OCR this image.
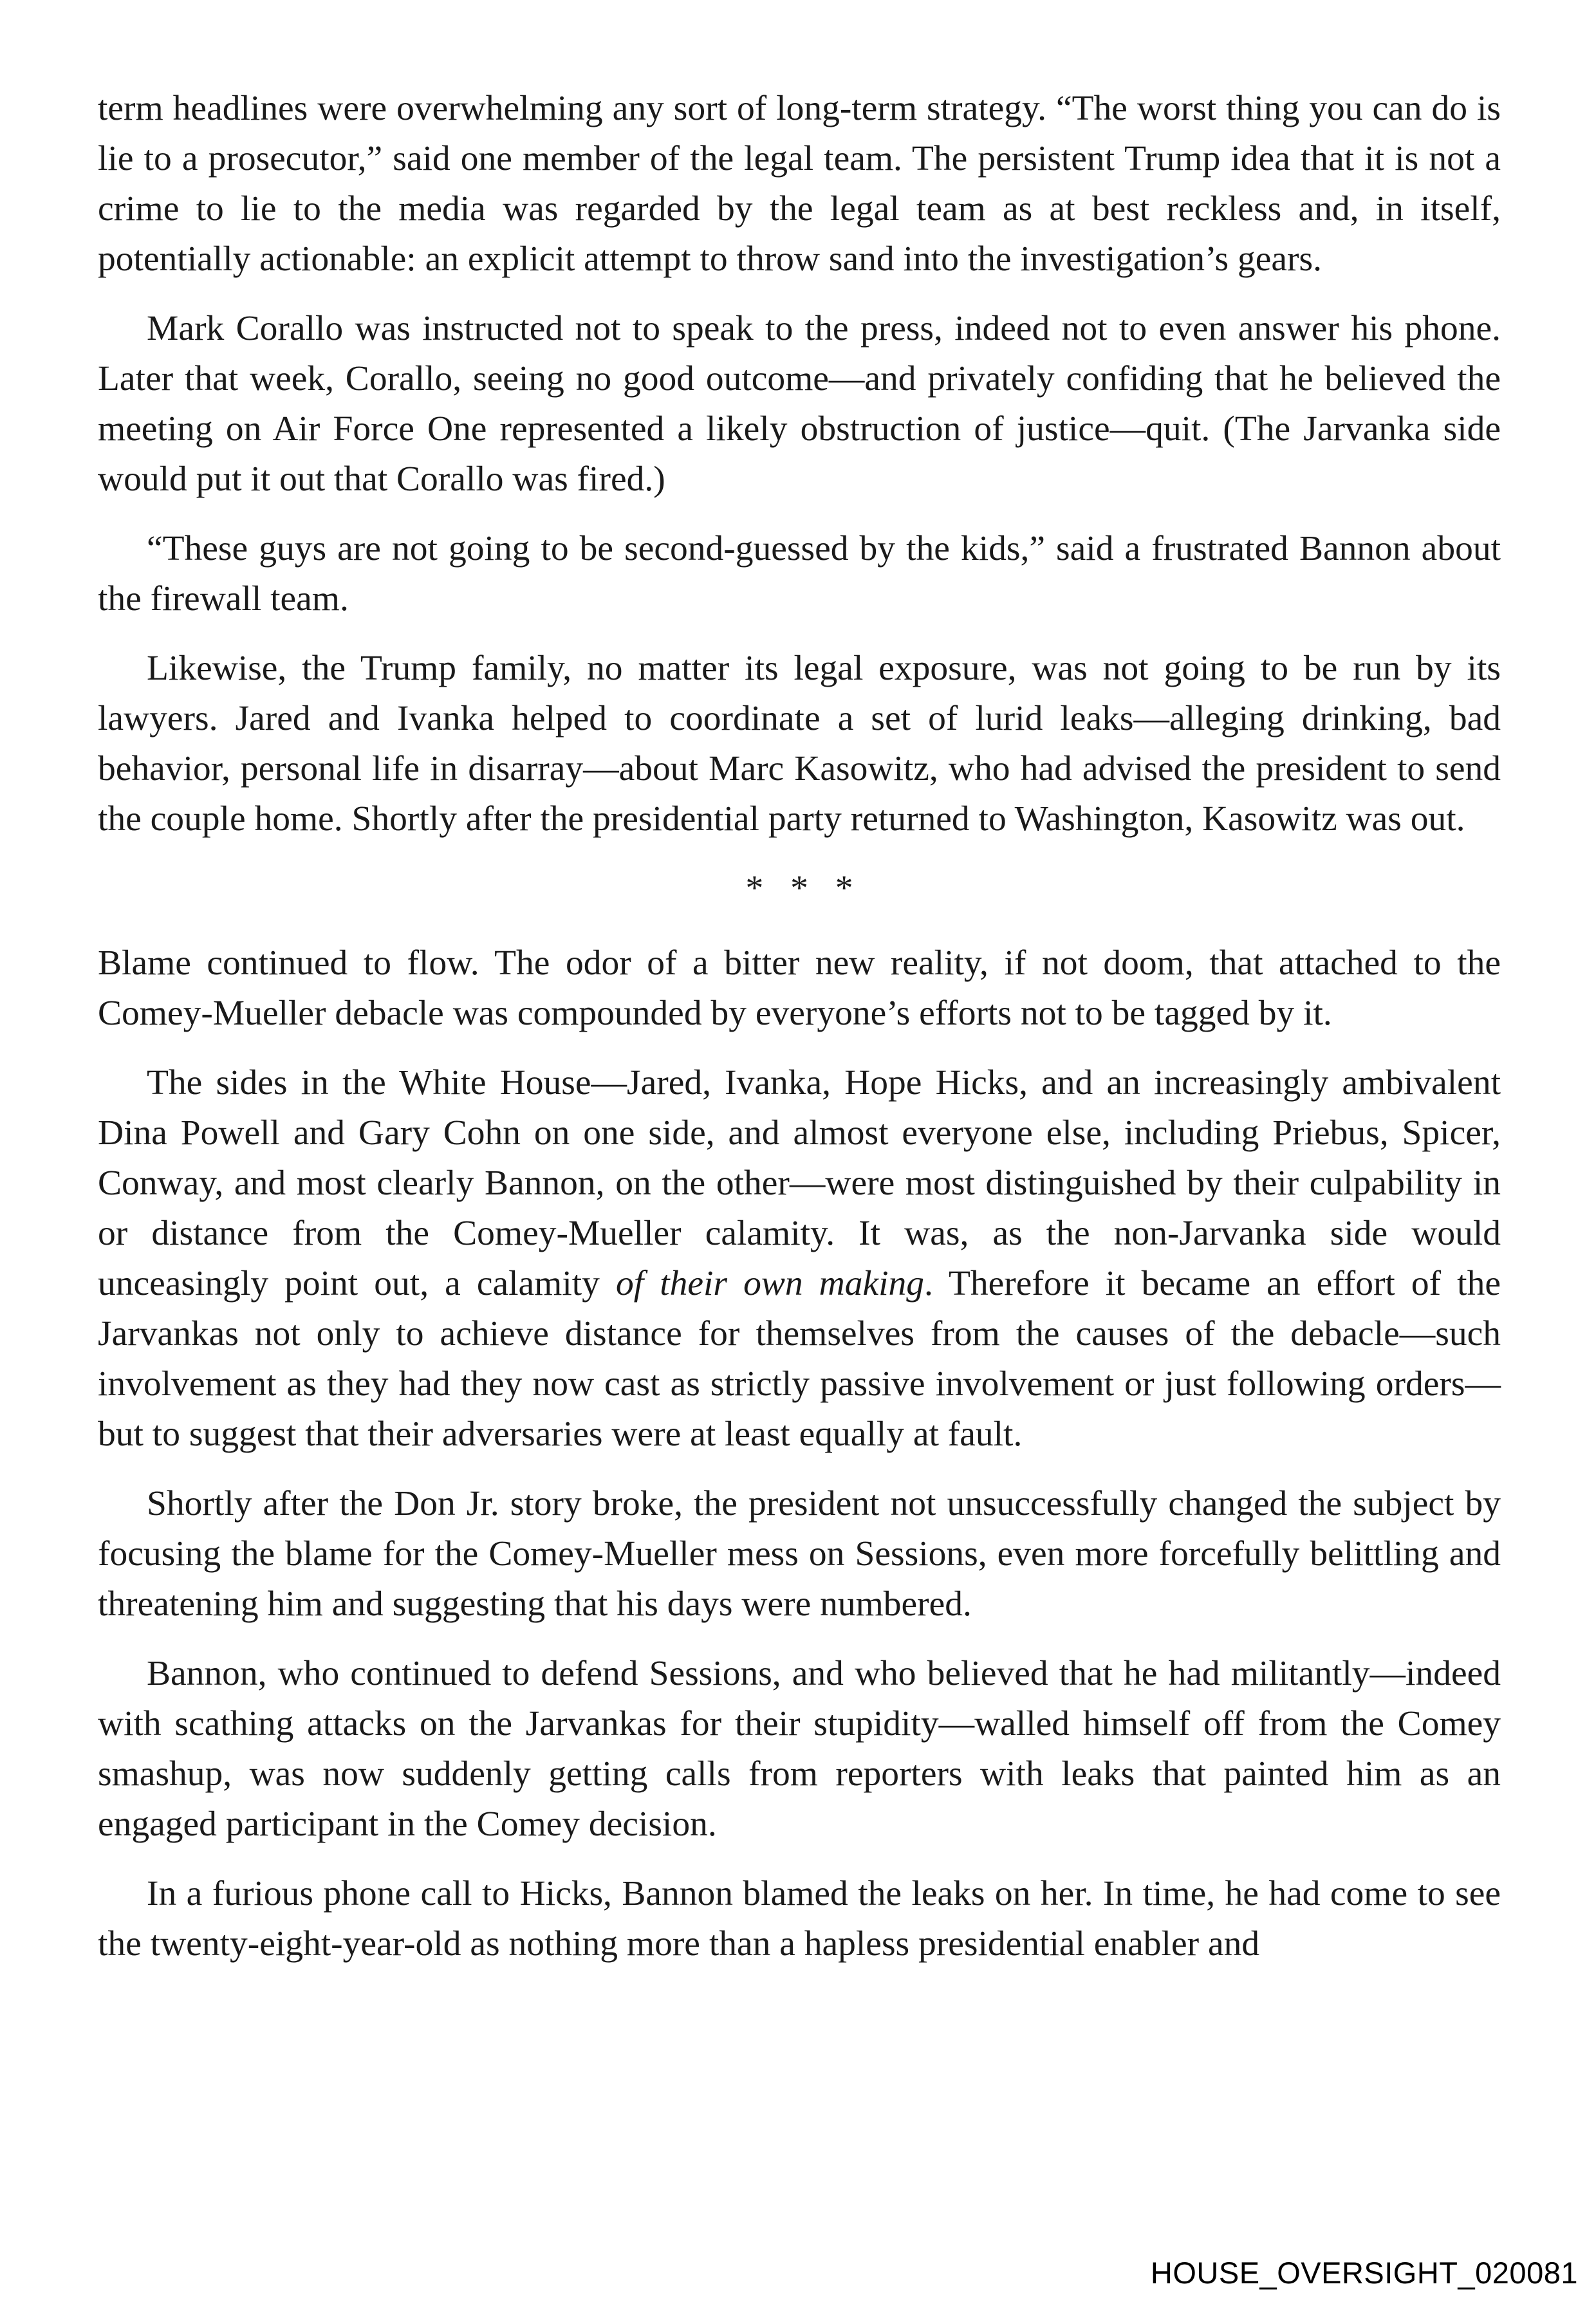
term headlines were overwhelming any sort of long-term strategy. “The worst thing you can do is lie to a prosecutor,” said one member of the legal team. The persistent Trump idea that it is not a crime to lie to the media was regarded by the legal team as at best reckless and, in itself, potentially actionable: an explicit attempt to throw sand into the investigation’s gears.

Mark Corallo was instructed not to speak to the press, indeed not to even answer his phone. Later that week, Corallo, seeing no good outcome—and privately confiding that he believed the meeting on Air Force One represented a likely obstruction of justice—quit. (The Jarvanka side would put it out that Corallo was fired.)

“These guys are not going to be second-guessed by the kids,” said a frustrated Bannon about the firewall team.

Likewise, the Trump family, no matter its legal exposure, was not going to be run by its lawyers. Jared and Ivanka helped to coordinate a set of lurid leaks—alleging drinking, bad behavior, personal life in disarray—about Marc Kasowitz, who had advised the president to send the couple home. Shortly after the presidential party returned to Washington, Kasowitz was out.

* * *

Blame continued to flow. The odor of a bitter new reality, if not doom, that attached to the Comey-Mueller debacle was compounded by everyone’s efforts not to be tagged by it.

The sides in the White House—Jared, Ivanka, Hope Hicks, and an increasingly ambivalent Dina Powell and Gary Cohn on one side, and almost everyone else, including Priebus, Spicer, Conway, and most clearly Bannon, on the other—were most distinguished by their culpability in or distance from the Comey-Mueller calamity. It was, as the non-Jarvanka side would unceasingly point out, a calamity of their own making. Therefore it became an effort of the Jarvankas not only to achieve distance for themselves from the causes of the debacle—such involvement as they had they now cast as strictly passive involvement or just following orders—but to suggest that their adversaries were at least equally at fault.

Shortly after the Don Jr. story broke, the president not unsuccessfully changed the subject by focusing the blame for the Comey-Mueller mess on Sessions, even more forcefully belittling and threatening him and suggesting that his days were numbered.

Bannon, who continued to defend Sessions, and who believed that he had militantly—indeed with scathing attacks on the Jarvankas for their stupidity—walled himself off from the Comey smashup, was now suddenly getting calls from reporters with leaks that painted him as an engaged participant in the Comey decision.

In a furious phone call to Hicks, Bannon blamed the leaks on her. In time, he had come to see the twenty-eight-year-old as nothing more than a hapless presidential enabler and

HOUSE_OVERSIGHT_020081
